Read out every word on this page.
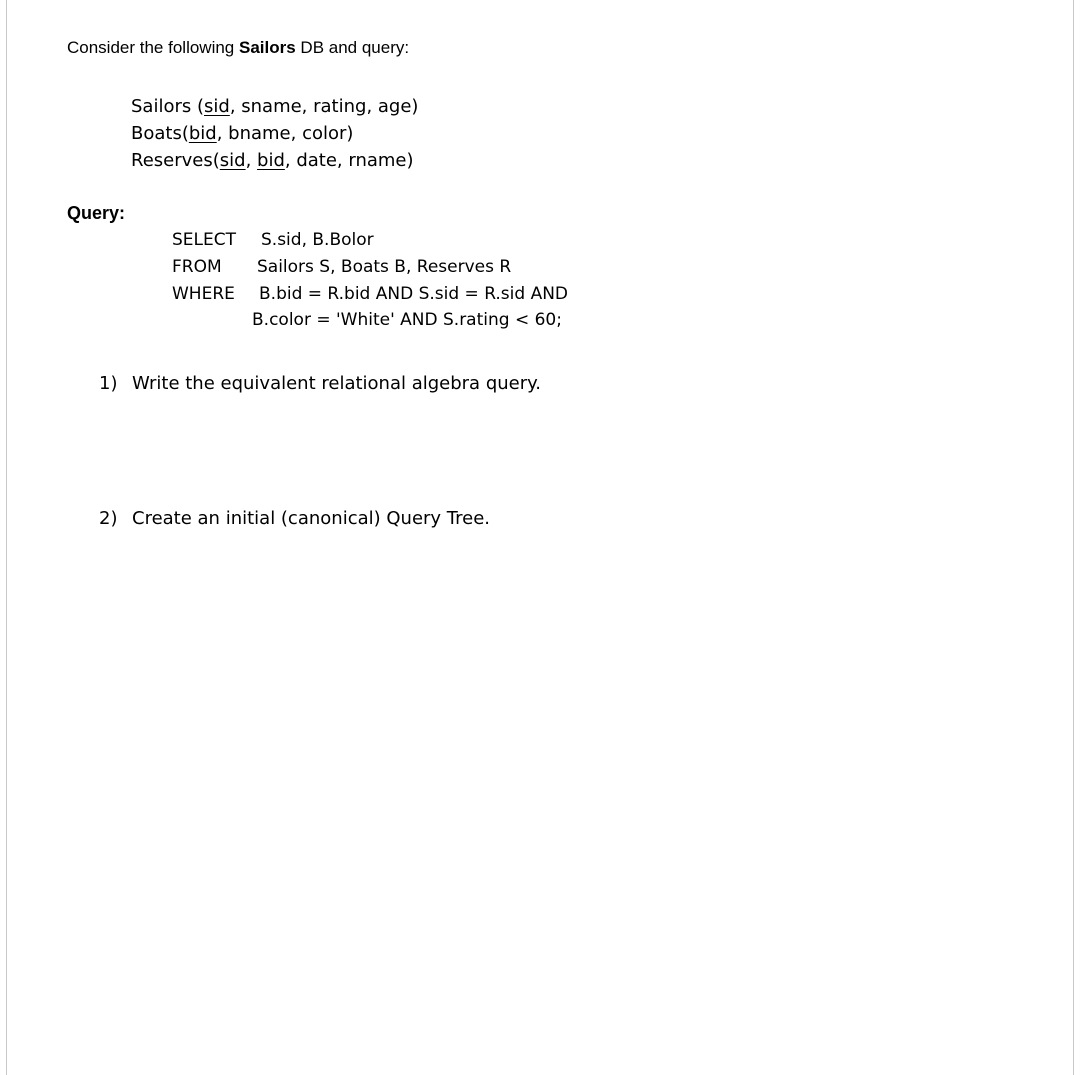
Consider the following Sailors DB and query:
Sailors (sid, sname, rating, age)
Boats(bid, bname, color)
Reserves(sid, bid, date, rname)
Query:
SELECT S.sid, B.Bolor
FROM Sailors S, Boats B, Reserves R
WHERE B.bid = R.bid AND S.sid = R.sid AND
B.color = 'White' AND S.rating < 60;
1) Write the equivalent relational algebra query.
2) Create an initial (canonical) Query Tree.
